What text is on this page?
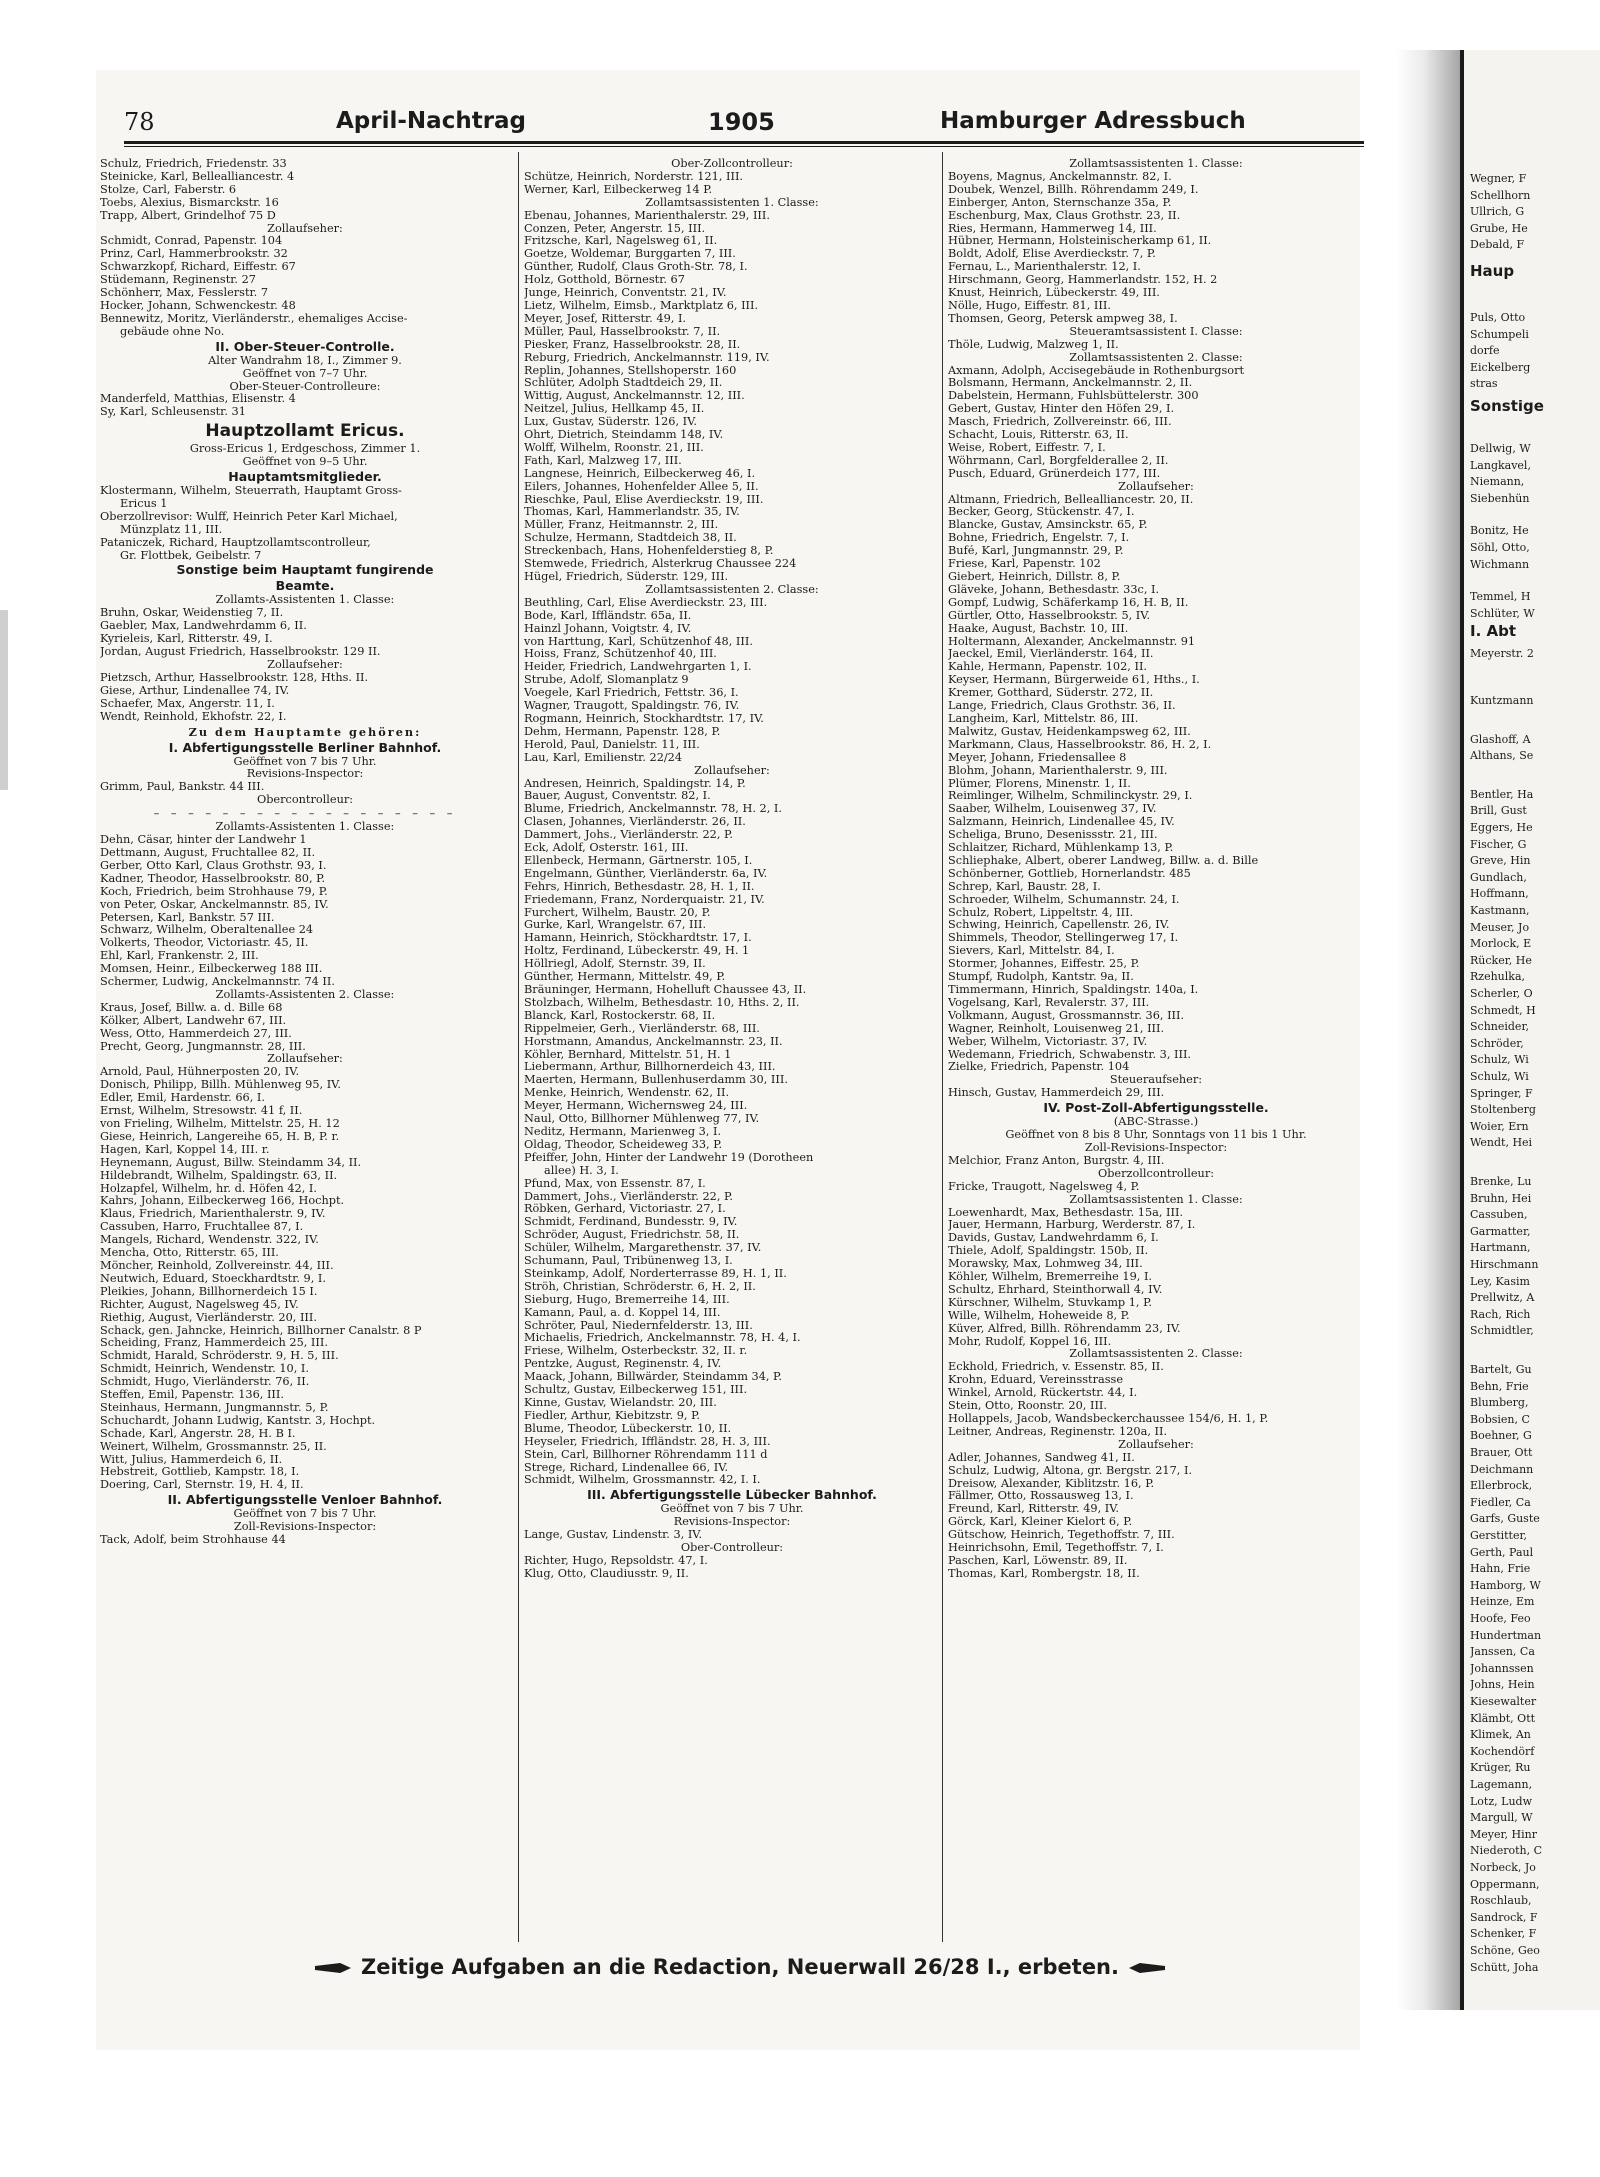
78	April-Nachtrag	1905	Hamburger Adressbuch
Schulz, Friedrich, Friedenstr. 33
Steinicke, Karl, Bellealliancestr. 4
Stolze, Carl, Faberstr. 6
Toebs, Alexius, Bismarckstr. 16
Trapp, Albert, Grindelhof 75 D
Zollaufseher:
Schmidt, Conrad, Papenstr. 104
Prinz, Carl, Hammerbrookstr. 32
Schwarzkopf, Richard, Eiffestr. 67
Stüdemann, Reginenstr. 27
Schönherr, Max, Fesslerstr. 7
Hocker, Johann, Schwenckestr. 48
Bennewitz, Moritz, Vierländerstr., ehemaliges Accise-
gebäude ohne No.
II. Ober-Steuer-Controlle.
Alter Wandrahm 18, I., Zimmer 9.
Geöffnet von 7–7 Uhr.
Ober-Steuer-Controlleure:
Manderfeld, Matthias, Elisenstr. 4
Sy, Karl, Schleusenstr. 31
Hauptzollamt Ericus.
Gross-Ericus 1, Erdgeschoss, Zimmer 1.
Geöffnet von 9–5 Uhr.
Hauptamtsmitglieder.
Klostermann, Wilhelm, Steuerrath, Hauptamt Gross-
Ericus 1
Oberzollrevisor: Wulff, Heinrich Peter Karl Michael,
Münzplatz 11, III.
Pataniczek, Richard, Hauptzollamtscontrolleur,
Gr. Flottbek, Geibelstr. 7
Sonstige beim Hauptamt fungirende
Beamte.
Zollamts-Assistenten 1. Classe:
Bruhn, Oskar, Weidenstieg 7, II.
Gaebler, Max, Landwehrdamm 6, II.
Kyrieleis, Karl, Ritterstr. 49, I.
Jordan, August Friedrich, Hasselbrookstr. 129 II.
Zollaufseher:
Pietzsch, Arthur, Hasselbrookstr. 128, Hths. II.
Giese, Arthur, Lindenallee 74, IV.
Schaefer, Max, Angerstr. 11, I.
Wendt, Reinhold, Ekhofstr. 22, I.
Zu dem Hauptamte gehören:
I. Abfertigungsstelle Berliner Bahnhof.
Geöffnet von 7 bis 7 Uhr.
Revisions-Inspector:
Grimm, Paul, Bankstr. 44 III.
Obercontrolleur:
– – – – – – – – – – – – – – – – – –
Zollamts-Assistenten 1. Classe:
Dehn, Cäsar, hinter der Landwehr 1
Dettmann, August, Fruchtallee 82, II.
Gerber, Otto Karl, Claus Grothstr. 93, I.
Kadner, Theodor, Hasselbrookstr. 80, P.
Koch, Friedrich, beim Strohhause 79, P.
von Peter, Oskar, Anckelmannstr. 85, IV.
Petersen, Karl, Bankstr. 57 III.
Schwarz, Wilhelm, Oberaltenallee 24
Volkerts, Theodor, Victoriastr. 45, II.
Ehl, Karl, Frankenstr. 2, III.
Momsen, Heinr., Eilbeckerweg 188 III.
Schermer, Ludwig, Anckelmannstr. 74 II.
Zollamts-Assistenten 2. Classe:
Kraus, Josef, Billw. a. d. Bille 68
Kölker, Albert, Landwehr 67, III.
Wess, Otto, Hammerdeich 27, III.
Precht, Georg, Jungmannstr. 28, III.
Zollaufseher:
Arnold, Paul, Hühnerposten 20, IV.
Donisch, Philipp, Billh. Mühlenweg 95, IV.
Edler, Emil, Hardenstr. 66, I.
Ernst, Wilhelm, Stresowstr. 41 f, II.
von Frieling, Wilhelm, Mittelstr. 25, H. 12
Giese, Heinrich, Langereihe 65, H. B, P. r.
Hagen, Karl, Koppel 14, III. r.
Heynemann, August, Billw. Steindamm 34, II.
Hildebrandt, Wilhelm, Spaldingstr. 63, II.
Holzapfel, Wilhelm, hr. d. Höfen 42, I.
Kahrs, Johann, Eilbeckerweg 166, Hochpt.
Klaus, Friedrich, Marienthalerstr. 9, IV.
Cassuben, Harro, Fruchtallee 87, I.
Mangels, Richard, Wendenstr. 322, IV.
Mencha, Otto, Ritterstr. 65, III.
Möncher, Reinhold, Zollvereinstr. 44, III.
Neutwich, Eduard, Stoeckhardtstr. 9, I.
Pleikies, Johann, Billhornerdeich 15 I.
Richter, August, Nagelsweg 45, IV.
Riethig, August, Vierländerstr. 20, III.
Schack, gen. Jahncke, Heinrich, Billhorner Canalstr. 8 P
Scheiding, Franz, Hammerdeich 25, III.
Schmidt, Harald, Schröderstr. 9, H. 5, III.
Schmidt, Heinrich, Wendenstr. 10, I.
Schmidt, Hugo, Vierländerstr. 76, II.
Steffen, Emil, Papenstr. 136, III.
Steinhaus, Hermann, Jungmannstr. 5, P.
Schuchardt, Johann Ludwig, Kantstr. 3, Hochpt.
Schade, Karl, Angerstr. 28, H. B I.
Weinert, Wilhelm, Grossmannstr. 25, II.
Witt, Julius, Hammerdeich 6, II.
Hebstreit, Gottlieb, Kampstr. 18, I.
Doering, Carl, Sternstr. 19, H. 4, II.
II. Abfertigungsstelle Venloer Bahnhof.
Geöffnet von 7 bis 7 Uhr.
Zoll-Revisions-Inspector:
Tack, Adolf, beim Strohhause 44
Ober-Zollcontrolleur:
Schütze, Heinrich, Norderstr. 121, III.
Werner, Karl, Eilbeckerweg 14 P.
Zollamtsassistenten 1. Classe:
Ebenau, Johannes, Marienthalerstr. 29, III.
Conzen, Peter, Angerstr. 15, III.
Fritzsche, Karl, Nagelsweg 61, II.
Goetze, Woldemar, Burggarten 7, III.
Günther, Rudolf, Claus Groth-Str. 78, I.
Holz, Gotthold, Börnestr. 67
Junge, Heinrich, Conventstr. 21, IV.
Lietz, Wilhelm, Eimsb., Marktplatz 6, III.
Meyer, Josef, Ritterstr. 49, I.
Müller, Paul, Hasselbrookstr. 7, II.
Piesker, Franz, Hasselbrookstr. 28, II.
Reburg, Friedrich, Anckelmannstr. 119, IV.
Replin, Johannes, Stellshoperstr. 160
Schlüter, Adolph Stadtdeich 29, II.
Wittig, August, Anckelmannstr. 12, III.
Neitzel, Julius, Hellkamp 45, II.
Lux, Gustav, Süderstr. 126, IV.
Ohrt, Dietrich, Steindamm 148, IV.
Wolff, Wilhelm, Roonstr. 21, III.
Fath, Karl, Malzweg 17, III.
Langnese, Heinrich, Eilbeckerweg 46, I.
Eilers, Johannes, Hohenfelder Allee 5, II.
Rieschke, Paul, Elise Averdieckstr. 19, III.
Thomas, Karl, Hammerlandstr. 35, IV.
Müller, Franz, Heitmannstr. 2, III.
Schulze, Hermann, Stadtdeich 38, II.
Streckenbach, Hans, Hohenfelderstieg 8, P.
Stemwede, Friedrich, Alsterkrug Chaussee 224
Hügel, Friedrich, Süderstr. 129, III.
Zollamtsassistenten 2. Classe:
Beuthling, Carl, Elise Averdieckstr. 23, III.
Bode, Karl, Iffländstr. 65a, II.
Hainzl Johann, Voigtstr. 4, IV.
von Harttung, Karl, Schützenhof 48, III.
Hoiss, Franz, Schützenhof 40, III.
Heider, Friedrich, Landwehrgarten 1, I.
Strube, Adolf, Slomanplatz 9
Voegele, Karl Friedrich, Fettstr. 36, I.
Wagner, Traugott, Spaldingstr. 76, IV.
Rogmann, Heinrich, Stockhardtstr. 17, IV.
Dehm, Hermann, Papenstr. 128, P.
Herold, Paul, Danielstr. 11, III.
Lau, Karl, Emilienstr. 22/24
Zollaufseher:
Andresen, Heinrich, Spaldingstr. 14, P.
Bauer, August, Conventstr. 82, I.
Blume, Friedrich, Anckelmannstr. 78, H. 2, I.
Clasen, Johannes, Vierländerstr. 26, II.
Dammert, Johs., Vierländerstr. 22, P.
Eck, Adolf, Osterstr. 161, III.
Ellenbeck, Hermann, Gärtnerstr. 105, I.
Engelmann, Günther, Vierländerstr. 6a, IV.
Fehrs, Hinrich, Bethesdastr. 28, H. 1, II.
Friedemann, Franz, Norderquaistr. 21, IV.
Furchert, Wilhelm, Baustr. 20, P.
Gurke, Karl, Wrangelstr. 67, III.
Hamann, Heinrich, Stöckhardtstr. 17, I.
Holtz, Ferdinand, Lübeckerstr. 49, H. 1
Höllriegl, Adolf, Sternstr. 39, II.
Günther, Hermann, Mittelstr. 49, P.
Bräuninger, Hermann, Hohelluft Chaussee 43, II.
Stolzbach, Wilhelm, Bethesdastr. 10, Hths. 2, II.
Blanck, Karl, Rostockerstr. 68, II.
Rippelmeier, Gerh., Vierländerstr. 68, III.
Horstmann, Amandus, Anckelmannstr. 23, II.
Köhler, Bernhard, Mittelstr. 51, H. 1
Liebermann, Arthur, Billhornerdeich 43, III.
Maerten, Hermann, Bullenhuserdamm 30, III.
Menke, Heinrich, Wendenstr. 62, II.
Meyer, Hermann, Wichernsweg 24, III.
Naul, Otto, Billhorner Mühlenweg 77, IV.
Neditz, Hermann, Marienweg 3, I.
Oldag, Theodor, Scheideweg 33, P.
Pfeiffer, John, Hinter der Landwehr 19 (Dorotheen
allee) H. 3, I.
Pfund, Max, von Essenstr. 87, I.
Dammert, Johs., Vierländerstr. 22, P.
Röbken, Gerhard, Victoriastr. 27, I.
Schmidt, Ferdinand, Bundesstr. 9, IV.
Schröder, August, Friedrichstr. 58, II.
Schüler, Wilhelm, Margarethenstr. 37, IV.
Schumann, Paul, Tribünenweg 13, I.
Steinkamp, Adolf, Norderterrasse 89, H. 1, II.
Ströh, Christian, Schröderstr. 6, H. 2, II.
Sieburg, Hugo, Bremerreihe 14, III.
Kamann, Paul, a. d. Koppel 14, III.
Schröter, Paul, Niedernfelderstr. 13, III.
Michaelis, Friedrich, Anckelmannstr. 78, H. 4, I.
Friese, Wilhelm, Osterbeckstr. 32, II. r.
Pentzke, August, Reginenstr. 4, IV.
Maack, Johann, Billwärder, Steindamm 34, P.
Schultz, Gustav, Eilbeckerweg 151, III.
Kinne, Gustav, Wielandstr. 20, III.
Fiedler, Arthur, Kiebitzstr. 9, P.
Blume, Theodor, Lübeckerstr. 10, II.
Heyseler, Friedrich, Iffländstr. 28, H. 3, III.
Stein, Carl, Billhorner Röhrendamm 111 d
Strege, Richard, Lindenallee 66, IV.
Schmidt, Wilhelm, Grossmannstr. 42, I. I.
III. Abfertigungsstelle Lübecker Bahnhof.
Geöffnet von 7 bis 7 Uhr.
Revisions-Inspector:
Lange, Gustav, Lindenstr. 3, IV.
Ober-Controlleur:
Richter, Hugo, Repsoldstr. 47, I.
Klug, Otto, Claudiusstr. 9, II.
Zollamtsassistenten 1. Classe:
Boyens, Magnus, Anckelmannstr. 82, I.
Doubek, Wenzel, Billh. Röhrendamm 249, I.
Einberger, Anton, Sternschanze 35a, P.
Eschenburg, Max, Claus Grothstr. 23, II.
Ries, Hermann, Hammerweg 14, III.
Hübner, Hermann, Holsteinischerkamp 61, II.
Boldt, Adolf, Elise Averdieckstr. 7, P.
Fernau, L., Marienthalerstr. 12, I.
Hirschmann, Georg, Hammerlandstr. 152, H. 2
Knust, Heinrich, Lübeckerstr. 49, III.
Nölle, Hugo, Eiffestr. 81, III.
Thomsen, Georg, Petersk ampweg 38, I.
Steueramtsassistent I. Classe:
Thöle, Ludwig, Malzweg 1, II.
Zollamtsassistenten 2. Classe:
Axmann, Adolph, Accisegebäude in Rothenburgsort
Bolsmann, Hermann, Anckelmannstr. 2, II.
Dabelstein, Hermann, Fuhlsbüttelerstr. 300
Gebert, Gustav, Hinter den Höfen 29, I.
Masch, Friedrich, Zollvereinstr. 66, III.
Schacht, Louis, Ritterstr. 63, II.
Weise, Robert, Eiffestr. 7, I.
Wöhrmann, Carl, Borgfelderallee 2, II.
Pusch, Eduard, Grünerdeich 177, III.
Zollaufseher:
Altmann, Friedrich, Bellealliancestr. 20, II.
Becker, Georg, Stückenstr. 47, I.
Blancke, Gustav, Amsinckstr. 65, P.
Bohne, Friedrich, Engelstr. 7, I.
Bufé, Karl, Jungmannstr. 29, P.
Friese, Karl, Papenstr. 102
Giebert, Heinrich, Dillstr. 8, P.
Gläveke, Johann, Bethesdastr. 33c, I.
Gompf, Ludwig, Schäferkamp 16, H. B, II.
Gürtler, Otto, Hasselbrookstr. 5, IV.
Haake, August, Bachstr. 10, III.
Holtermann, Alexander, Anckelmannstr. 91
Jaeckel, Emil, Vierländerstr. 164, II.
Kahle, Hermann, Papenstr. 102, II.
Keyser, Hermann, Bürgerweide 61, Hths., I.
Kremer, Gotthard, Süderstr. 272, II.
Lange, Friedrich, Claus Grothstr. 36, II.
Langheim, Karl, Mittelstr. 86, III.
Malwitz, Gustav, Heidenkampsweg 62, III.
Markmann, Claus, Hasselbrookstr. 86, H. 2, I.
Meyer, Johann, Friedensallee 8
Blohm, Johann, Marienthalerstr. 9, III.
Plümer, Florens, Minenstr. 1, II.
Reimlinger, Wilhelm, Schmilinckystr. 29, I.
Saaber, Wilhelm, Louisenweg 37, IV.
Salzmann, Heinrich, Lindenallee 45, IV.
Scheliga, Bruno, Desenissstr. 21, III.
Schlaitzer, Richard, Mühlenkamp 13, P.
Schliephake, Albert, oberer Landweg, Billw. a. d. Bille
Schönberner, Gottlieb, Hornerlandstr. 485
Schrep, Karl, Baustr. 28, I.
Schroeder, Wilhelm, Schumannstr. 24, I.
Schulz, Robert, Lippeltstr. 4, III.
Schwing, Heinrich, Capellenstr. 26, IV.
Shimmels, Theodor, Stellingerweg 17, I.
Sievers, Karl, Mittelstr. 84, I.
Stormer, Johannes, Eiffestr. 25, P.
Stumpf, Rudolph, Kantstr. 9a, II.
Timmermann, Hinrich, Spaldingstr. 140a, I.
Vogelsang, Karl, Revalerstr. 37, III.
Volkmann, August, Grossmannstr. 36, III.
Wagner, Reinholt, Louisenweg 21, III.
Weber, Wilhelm, Victoriastr. 37, IV.
Wedemann, Friedrich, Schwabenstr. 3, III.
Zielke, Friedrich, Papenstr. 104
Steueraufseher:
Hinsch, Gustav, Hammerdeich 29, III.
IV. Post-Zoll-Abfertigungsstelle.
(ABC-Strasse.)
Geöffnet von 8 bis 8 Uhr, Sonntags von 11 bis 1 Uhr.
Zoll-Revisions-Inspector:
Melchior, Franz Anton, Burgstr. 4, III.
Oberzollcontrolleur:
Fricke, Traugott, Nagelsweg 4, P.
Zollamtsassistenten 1. Classe:
Loewenhardt, Max, Bethesdastr. 15a, III.
Jauer, Hermann, Harburg, Werderstr. 87, I.
Davids, Gustav, Landwehrdamm 6, I.
Thiele, Adolf, Spaldingstr. 150b, II.
Morawsky, Max, Lohmweg 34, III.
Köhler, Wilhelm, Bremerreihe 19, I.
Schultz, Ehrhard, Steinthorwall 4, IV.
Kürschner, Wilhelm, Stuvkamp 1, P.
Wille, Wilhelm, Hoheweide 8, P.
Küver, Alfred, Billh. Röhrendamm 23, IV.
Mohr, Rudolf, Koppel 16, III.
Zollamtsassistenten 2. Classe:
Eckhold, Friedrich, v. Essenstr. 85, II.
Krohn, Eduard, Vereinsstrasse
Winkel, Arnold, Rückertstr. 44, I.
Stein, Otto, Roonstr. 20, III.
Hollappels, Jacob, Wandsbeckerchaussee 154/6, H. 1, P.
Leitner, Andreas, Reginenstr. 120a, II.
Zollaufseher:
Adler, Johannes, Sandweg 41, II.
Schulz, Ludwig, Altona, gr. Bergstr. 217, I.
Dreisow, Alexander, Kiblitzstr. 16, P.
Fällmer, Otto, Rossausweg 13, I.
Freund, Karl, Ritterstr. 49, IV.
Görck, Karl, Kleiner Kielort 6, P.
Gütschow, Heinrich, Tegethoffstr. 7, III.
Heinrichsohn, Emil, Tegethoffstr. 7, I.
Paschen, Karl, Löwenstr. 89, II.
Thomas, Karl, Rombergstr. 18, II.
Zeitige Aufgaben an die Redaction, Neuerwall 26/28 I., erbeten.
Wegner, F
Schellhorn
Ullrich, G
Grube, He
Debald, F
Haup
Puls, Otto
Schumpeli
dorfe
Eickelberg
stras
Sonstige
Dellwig, W
Langkavel,
Niemann,
Siebenhün
Bonitz, He
Söhl, Otto,
Wichmann
Temmel, H
Schlüter, W
I. Abt
Meyerstr. 2
Kuntzmann
Glashoff, A
Althans, Se
Bentler, Ha
Brill, Gust
Eggers, He
Fischer, G
Greve, Hin
Gundlach,
Hoffmann,
Kastmann,
Meuser, Jo
Morlock, E
Rücker, He
Rzehulka,
Scherler, O
Schmedt, H
Schneider,
Schröder,
Schulz, Wi
Schulz, Wi
Springer, F
Stoltenberg
Woier, Ern
Wendt, Hei
Brenke, Lu
Bruhn, Hei
Cassuben,
Garmatter,
Hartmann,
Hirschmann
Ley, Kasim
Prellwitz, A
Rach, Rich
Schmidtler,
Bartelt, Gu
Behn, Frie
Blumberg,
Bobsien, C
Boehner, G
Brauer, Ott
Deichmann
Ellerbrock,
Fiedler, Ca
Garfs, Guste
Gerstitter,
Gerth, Paul
Hahn, Frie
Hamborg, W
Heinze, Em
Hoofe, Feo
Hundertman
Janssen, Ca
Johannssen
Johns, Hein
Kiesewalter
Klämbt, Ott
Klimek, An
Kochendörf
Krüger, Ru
Lagemann,
Lotz, Ludw
Margull, W
Meyer, Hinr
Niederoth, C
Norbeck, Jo
Oppermann,
Roschlaub,
Sandrock, F
Schenker, F
Schöne, Geo
Schütt, Joha
